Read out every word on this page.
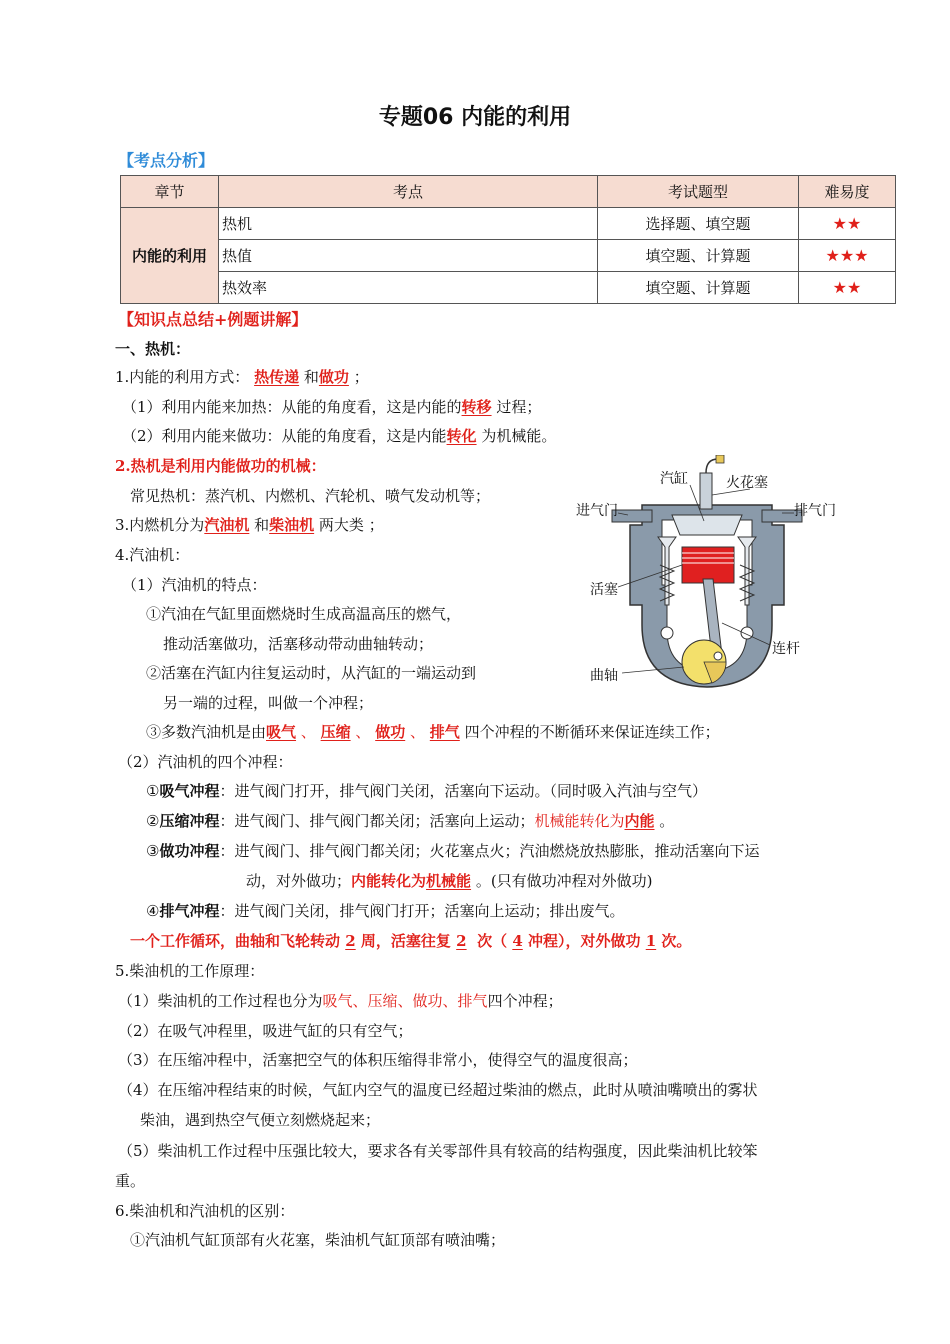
专题06 内能的利用
【考点分析】
章节	考点	考试题型	难易度
内能的利用	热机	选择题、填空题	★★
	热值	填空题、计算题	★★★
	热效率	填空题、计算题	★★
【知识点总结+例题讲解】
一、热机：
1.内能的利用方式： 热传递 和做功 ；
（1）利用内能来加热：从能的角度看，这是内能的转移 过程；
（2）利用内能来做功：从能的角度看，这是内能转化 为机械能。
2.热机是利用内能做功的机械：
常见热机：蒸汽机、内燃机、汽轮机、喷气发动机等；
3.内燃机分为汽油机 和柴油机 两大类 ；
4.汽油机：
（1）汽油机的特点：
①汽油在气缸里面燃烧时生成高温高压的燃气，
推动活塞做功，活塞移动带动曲轴转动；
②活塞在汽缸内往复运动时，从汽缸的一端运动到
另一端的过程，叫做一个冲程；
③多数汽油机是由吸气 、 压缩 、 做功 、 排气 四个冲程的不断循环来保证连续工作；
（2）汽油机的四个冲程：
①吸气冲程：进气阀门打开，排气阀门关闭，活塞向下运动。（同时吸入汽油与空气）
②压缩冲程：进气阀门、排气阀门都关闭；活塞向上运动；机械能转化为内能 。
③做功冲程：进气阀门、排气阀门都关闭；火花塞点火；汽油燃烧放热膨胀，推动活塞向下运
动，对外做功；内能转化为机械能 。(只有做功冲程对外做功)
④排气冲程：进气阀门关闭，排气阀门打开；活塞向上运动；排出废气。
一个工作循环，曲轴和飞轮转动 2 周，活塞往复 2 次（ 4 冲程），对外做功 1 次。
5.柴油机的工作原理：
（1）柴油机的工作过程也分为吸气、压缩、做功、排气四个冲程；
（2）在吸气冲程里，吸进气缸的只有空气；
（3）在压缩冲程中，活塞把空气的体积压缩得非常小，使得空气的温度很高；
（4）在压缩冲程结束的时候，气缸内空气的温度已经超过柴油的燃点，此时从喷油嘴喷出的雾状
柴油，遇到热空气便立刻燃烧起来；
（5）柴油机工作过程中压强比较大，要求各有关零部件具有较高的结构强度，因此柴油机比较笨
重。
6.柴油机和汽油机的区别：
①汽油机气缸顶部有火花塞，柴油机气缸顶部有喷油嘴；
汽缸	火花塞
进气门	排气门
活塞
连杆
曲轴
